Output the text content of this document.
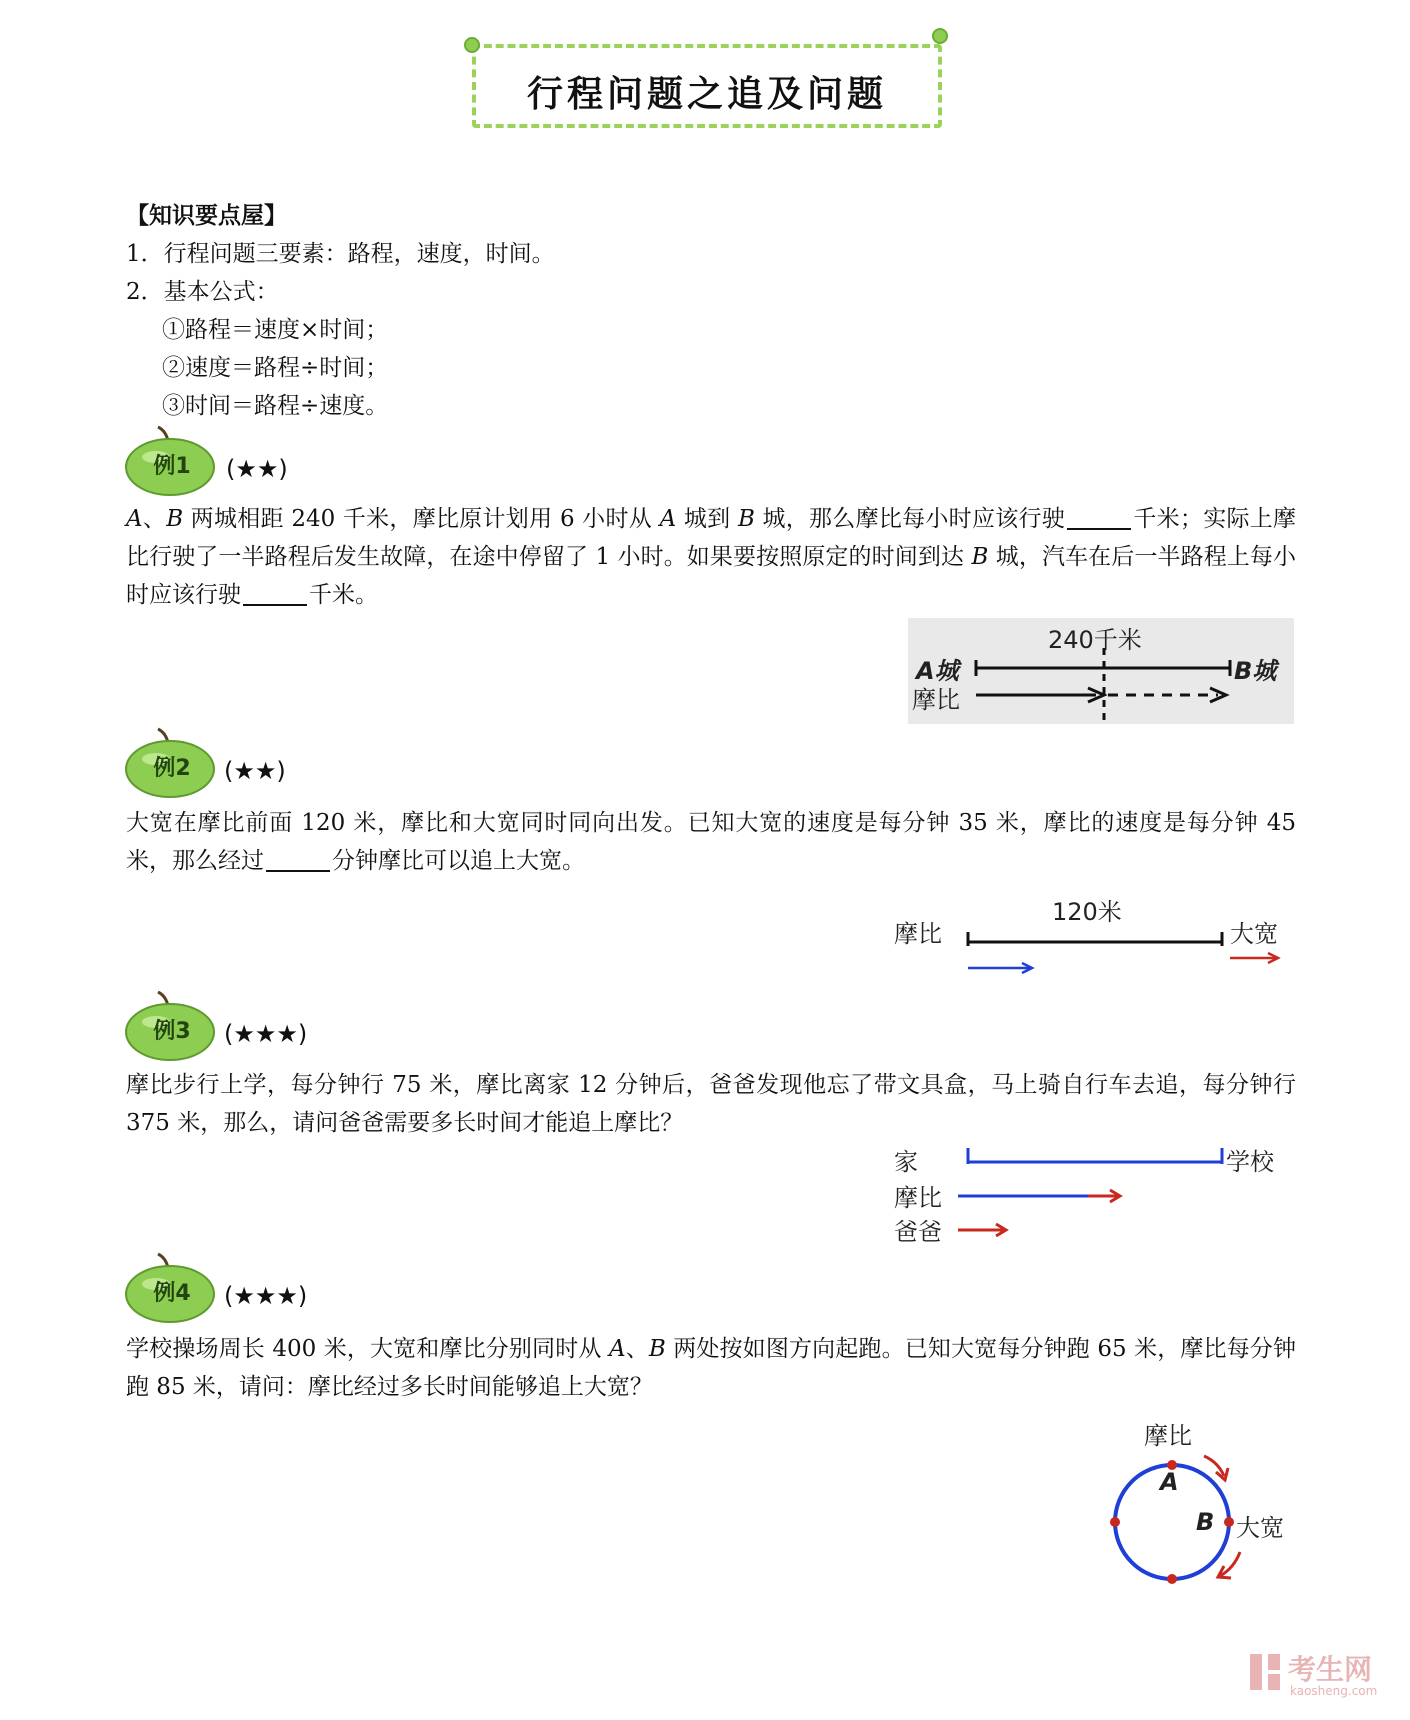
行程问题之追及问题
【知识要点屋】
1．行程问题三要素：路程，速度，时间。
2．基本公式：
①路程＝速度×时间；
②速度＝路程÷时间；
③时间＝路程÷速度。
例1	(★★)
A、B 两城相距 240 千米，摩比原计划用 6 小时从 A 城到 B 城，那么摩比每小时应该行驶	千米；实际上摩比行驶了一半路程后发生故障，在途中停留了 1 小时。如果要按照原定的时间到达 B 城，汽车在后一半路程上每小时应该行驶	千米。
240千米
A城	B城
摩比
例2	(★★)
大宽在摩比前面 120 米，摩比和大宽同时同向出发。已知大宽的速度是每分钟 35 米，摩比的速度是每分钟 45 米，那么经过	分钟摩比可以追上大宽。
120米
摩比	大宽
例3	(★★★)
摩比步行上学，每分钟行 75 米，摩比离家 12 分钟后，爸爸发现他忘了带文具盒，马上骑自行车去追，每分钟行 375 米，那么，请问爸爸需要多长时间才能追上摩比？
家	学校
摩比
爸爸
例4	(★★★)
学校操场周长 400 米，大宽和摩比分别同时从 A、B 两处按如图方向起跑。已知大宽每分钟跑 65 米，摩比每分钟跑 85 米，请问：摩比经过多长时间能够追上大宽？
摩比
A
B 大宽
考生网
kaosheng.com
